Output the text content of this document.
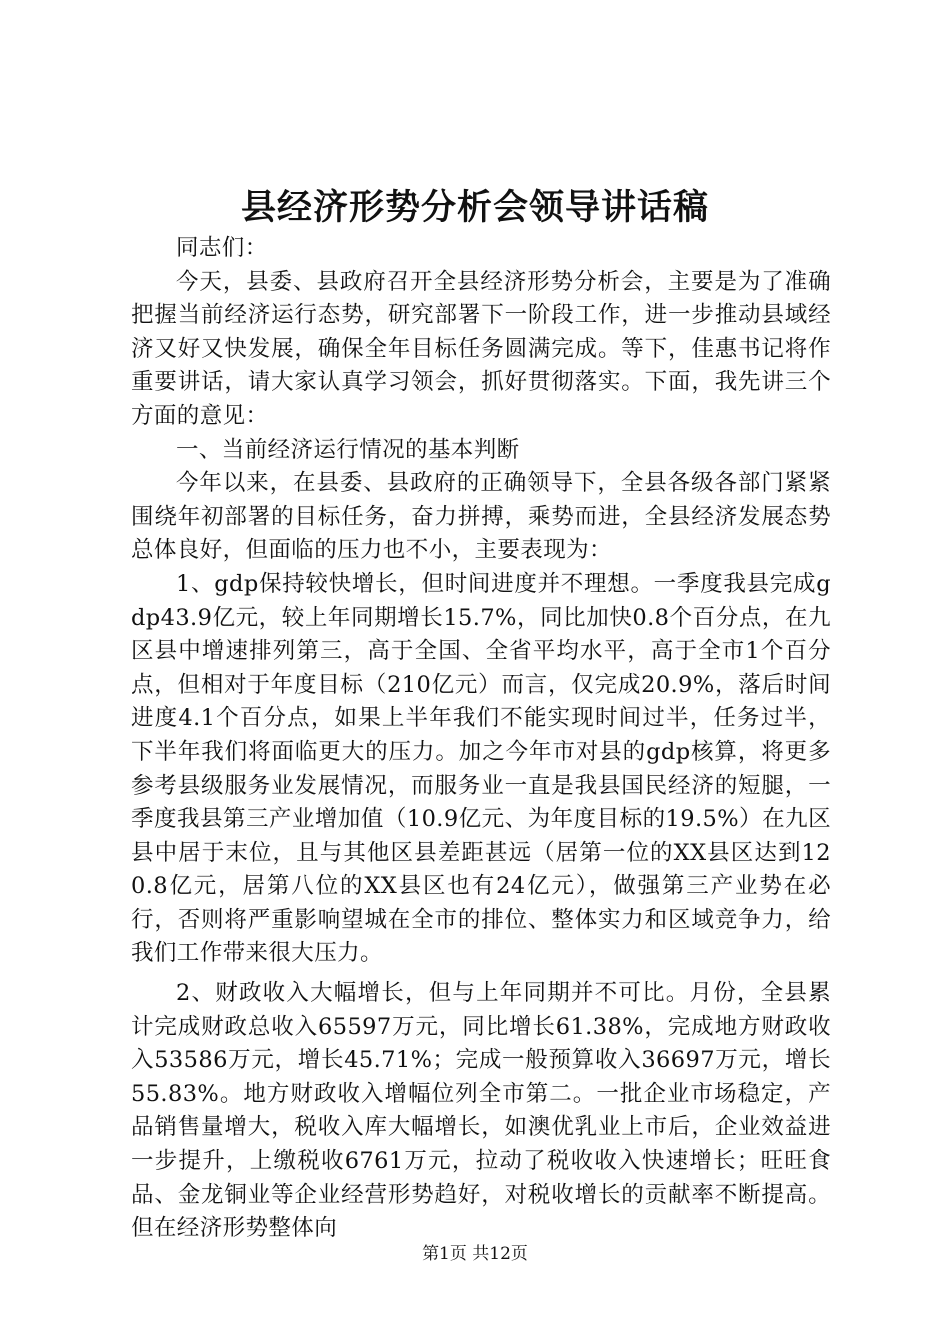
县经济形势分析会领导讲话稿

同志们：

今天，县委、县政府召开全县经济形势分析会，主要是为了准确把握当前经济运行态势，研究部署下一阶段工作，进一步推动县域经济又好又快发展，确保全年目标任务圆满完成。等下，佳惠书记将作重要讲话，请大家认真学习领会，抓好贯彻落实。下面，我先讲三个方面的意见：

一、当前经济运行情况的基本判断

今年以来，在县委、县政府的正确领导下，全县各级各部门紧紧围绕年初部署的目标任务，奋力拼搏，乘势而进，全县经济发展态势总体良好，但面临的压力也不小，主要表现为：

1、gdp保持较快增长，但时间进度并不理想。一季度我县完成gdp43.9亿元，较上年同期增长15.7%，同比加快0.8个百分点，在九区县中增速排列第三，高于全国、全省平均水平，高于全市1个百分点，但相对于年度目标（210亿元）而言，仅完成20.9%，落后时间进度4.1个百分点，如果上半年我们不能实现时间过半，任务过半，下半年我们将面临更大的压力。加之今年市对县的gdp核算，将更多参考县级服务业发展情况，而服务业一直是我县国民经济的短腿，一季度我县第三产业增加值（10.9亿元、为年度目标的19.5%）在九区县中居于末位，且与其他区县差距甚远（居第一位的XX县区达到120.8亿元，居第八位的XX县区也有24亿元），做强第三产业势在必行，否则将严重影响望城在全市的排位、整体实力和区域竞争力，给我们工作带来很大压力。

2、财政收入大幅增长，但与上年同期并不可比。月份，全县累计完成财政总收入65597万元，同比增长61.38%，完成地方财政收入53586万元，增长45.71%；完成一般预算收入36697万元，增长55.83%。地方财政收入增幅位列全市第二。一批企业市场稳定，产品销售量增大，税收入库大幅增长，如澳优乳业上市后，企业效益进一步提升，上缴税收6761万元，拉动了税收收入快速增长；旺旺食品、金龙铜业等企业经营形势趋好，对税收增长的贡献率不断提高。但在经济形势整体向

第1页 共12页
